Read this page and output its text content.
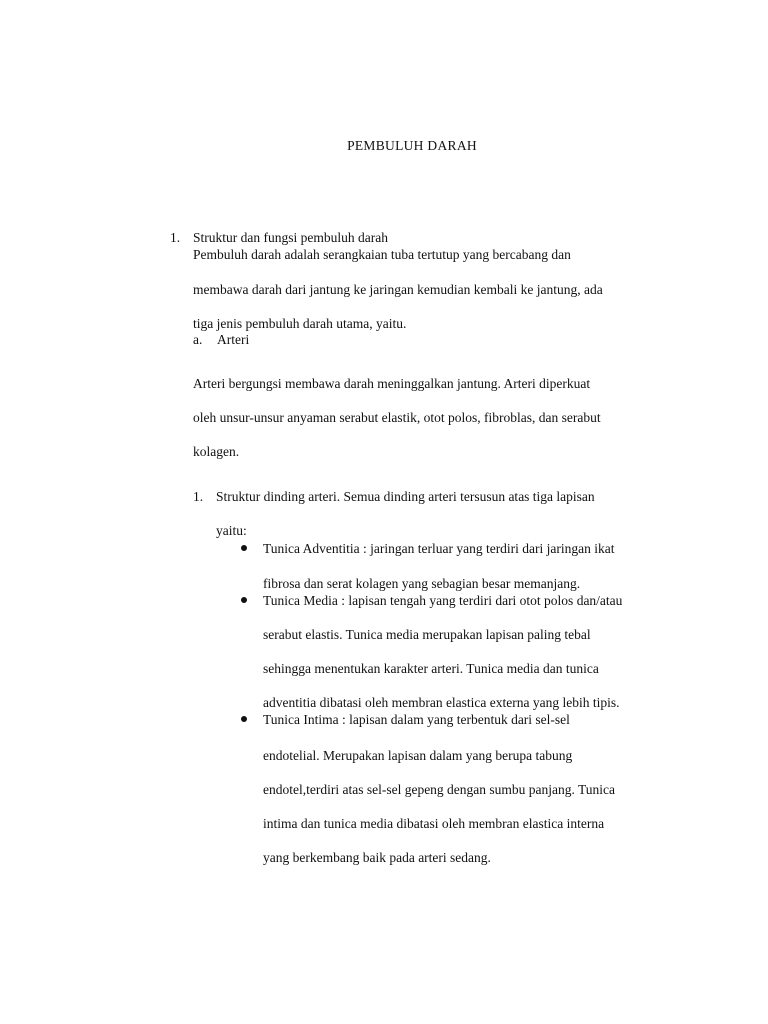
PEMBULUH DARAH
1. Struktur dan fungsi pembuluh darah
Pembuluh darah adalah serangkaian tuba tertutup yang bercabang dan
membawa darah dari jantung ke jaringan kemudian kembali ke jantung, ada
tiga jenis pembuluh darah utama, yaitu.
a. Arteri
Arteri bergungsi membawa darah meninggalkan jantung. Arteri diperkuat
oleh unsur-unsur anyaman serabut elastik, otot polos, fibroblas, dan serabut
kolagen.
1. Struktur dinding arteri. Semua dinding arteri tersusun atas tiga lapisan
yaitu:
Tunica Adventitia : jaringan terluar yang terdiri dari jaringan ikat
fibrosa dan serat kolagen yang sebagian besar memanjang.
Tunica Media : lapisan tengah yang terdiri dari otot polos dan/atau
serabut elastis. Tunica media merupakan lapisan paling tebal
sehingga menentukan karakter arteri. Tunica media dan tunica
adventitia dibatasi oleh membran elastica externa yang lebih tipis.
Tunica Intima : lapisan dalam yang terbentuk dari sel-sel
endotelial. Merupakan lapisan dalam yang berupa tabung
endotel,terdiri atas sel-sel gepeng dengan sumbu panjang. Tunica
intima dan tunica media dibatasi oleh membran elastica interna
yang berkembang baik pada arteri sedang.
